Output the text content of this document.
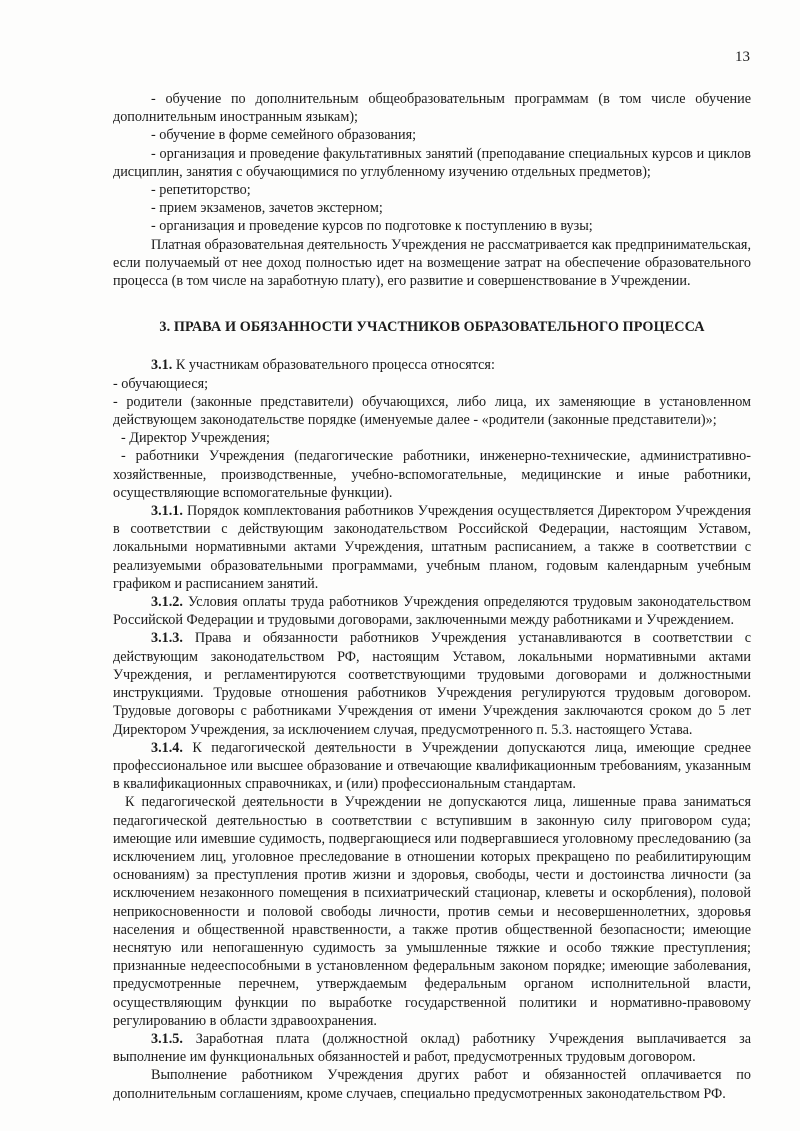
13

- обучение по дополнительным общеобразовательным программам (в том числе обучение дополнительным иностранным языкам);

- обучение в форме семейного образования;

- организация и проведение факультативных занятий (преподавание специальных курсов и циклов дисциплин, занятия с обучающимися по углубленному изучению отдельных предметов);

- репетиторство;

- прием экзаменов, зачетов экстерном;

- организация и проведение курсов по подготовке к поступлению в вузы;

Платная образовательная деятельность Учреждения не рассматривается как предпринимательская, если получаемый от нее доход полностью идет на возмещение затрат на обеспечение образовательного процесса (в том числе на заработную плату), его развитие и совершенствование в Учреждении.

3. ПРАВА И ОБЯЗАННОСТИ УЧАСТНИКОВ ОБРАЗОВАТЕЛЬНОГО ПРОЦЕССА

3.1. К участникам образовательного процесса относятся:

- обучающиеся;

- родители (законные представители) обучающихся, либо лица, их заменяющие в установленном действующем законодательстве порядке (именуемые далее - «родители (законные представители)»;

- Директор Учреждения;

- работники Учреждения (педагогические работники, инженерно-технические, административно-хозяйственные, производственные, учебно-вспомогательные, медицинские и иные работники, осуществляющие вспомогательные функции).

3.1.1. Порядок комплектования работников Учреждения осуществляется Директором Учреждения в соответствии с действующим законодательством Российской Федерации, настоящим Уставом, локальными нормативными актами Учреждения, штатным расписанием, а также в соответствии с реализуемыми образовательными программами, учебным планом, годовым календарным учебным графиком и расписанием занятий.

3.1.2. Условия оплаты труда работников Учреждения определяются трудовым законодательством Российской Федерации и трудовыми договорами, заключенными между работниками и Учреждением.

3.1.3. Права и обязанности работников Учреждения устанавливаются в соответствии с действующим законодательством РФ, настоящим Уставом, локальными нормативными актами Учреждения, и регламентируются соответствующими трудовыми договорами и должностными инструкциями. Трудовые отношения работников Учреждения регулируются трудовым договором. Трудовые договоры с работниками Учреждения от имени Учреждения заключаются сроком до 5 лет Директором Учреждения, за исключением случая, предусмотренного п. 5.3. настоящего Устава.

3.1.4. К педагогической деятельности в Учреждении допускаются лица, имеющие среднее профессиональное или высшее образование и отвечающие квалификационным требованиям, указанным в квалификационных справочниках, и (или) профессиональным стандартам.

К педагогической деятельности в Учреждении не допускаются лица, лишенные права заниматься педагогической деятельностью в соответствии с вступившим в законную силу приговором суда; имеющие или имевшие судимость, подвергающиеся или подвергавшиеся уголовному преследованию (за исключением лиц, уголовное преследование в отношении которых прекращено по реабилитирующим основаниям) за преступления против жизни и здоровья, свободы, чести и достоинства личности (за исключением незаконного помещения в психиатрический стационар, клеветы и оскорбления), половой неприкосновенности и половой свободы личности, против семьи и несовершеннолетних, здоровья населения и общественной нравственности, а также против общественной безопасности; имеющие неснятую или непогашенную судимость за умышленные тяжкие и особо тяжкие преступления; признанные недееспособными в установленном федеральным законом порядке; имеющие заболевания, предусмотренные перечнем, утверждаемым федеральным органом исполнительной власти, осуществляющим функции по выработке государственной политики и нормативно-правовому регулированию в области здравоохранения.

3.1.5. Заработная плата (должностной оклад) работнику Учреждения выплачивается за выполнение им функциональных обязанностей и работ, предусмотренных трудовым договором.

Выполнение работником Учреждения других работ и обязанностей оплачивается по дополнительным соглашениям, кроме случаев, специально предусмотренных законодательством РФ.
